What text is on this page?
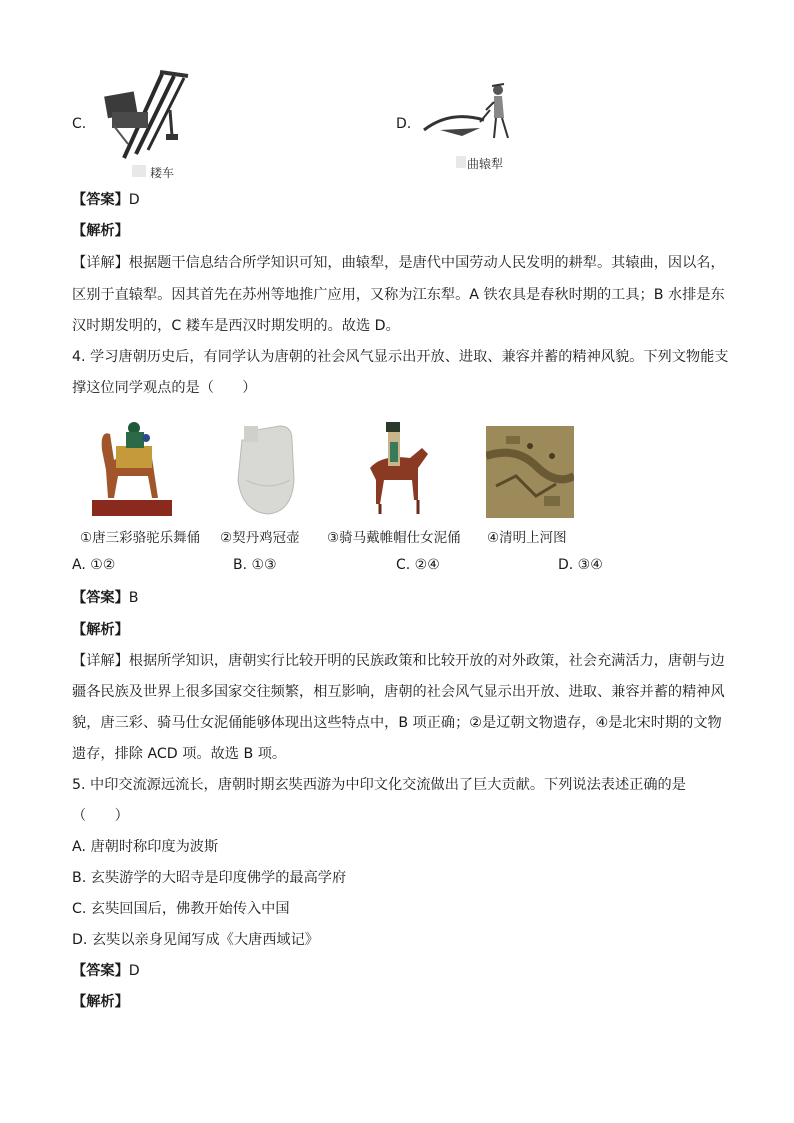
C.
耧车
D.
曲辕犁
【答案】D
【解析】
【详解】根据题干信息结合所学知识可知，曲辕犁，是唐代中国劳动人民发明的耕犁。其辕曲，因以名，
区别于直辕犁。因其首先在苏州等地推广应用，又称为江东犁。A 铁农具是春秋时期的工具；B 水排是东
汉时期发明的，C 耧车是西汉时期发明的。故选 D。
4. 学习唐朝历史后，有同学认为唐朝的社会风气显示出开放、进取、兼容并蓄的精神风貌。下列文物能支
撑这位同学观点的是（　　）
①唐三彩骆驼乐舞俑 ②契丹鸡冠壶 ③骑马戴帷帽仕女泥俑 ④清明上河图
A. ①②	B. ①③	C. ②④	D. ③④
【答案】B
【解析】
【详解】根据所学知识，唐朝实行比较开明的民族政策和比较开放的对外政策，社会充满活力，唐朝与边
疆各民族及世界上很多国家交往频繁，相互影响，唐朝的社会风气显示出开放、进取、兼容并蓄的精神风
貌，唐三彩、骑马仕女泥俑能够体现出这些特点中，B 项正确；②是辽朝文物遗存，④是北宋时期的文物
遗存，排除 ACD 项。故选 B 项。
5. 中印交流源远流长，唐朝时期玄奘西游为中印文化交流做出了巨大贡献。下列说法表述正确的是
（　　）
A. 唐朝时称印度为波斯
B. 玄奘游学的大昭寺是印度佛学的最高学府
C. 玄奘回国后，佛教开始传入中国
D. 玄奘以亲身见闻写成《大唐西域记》
【答案】D
【解析】
